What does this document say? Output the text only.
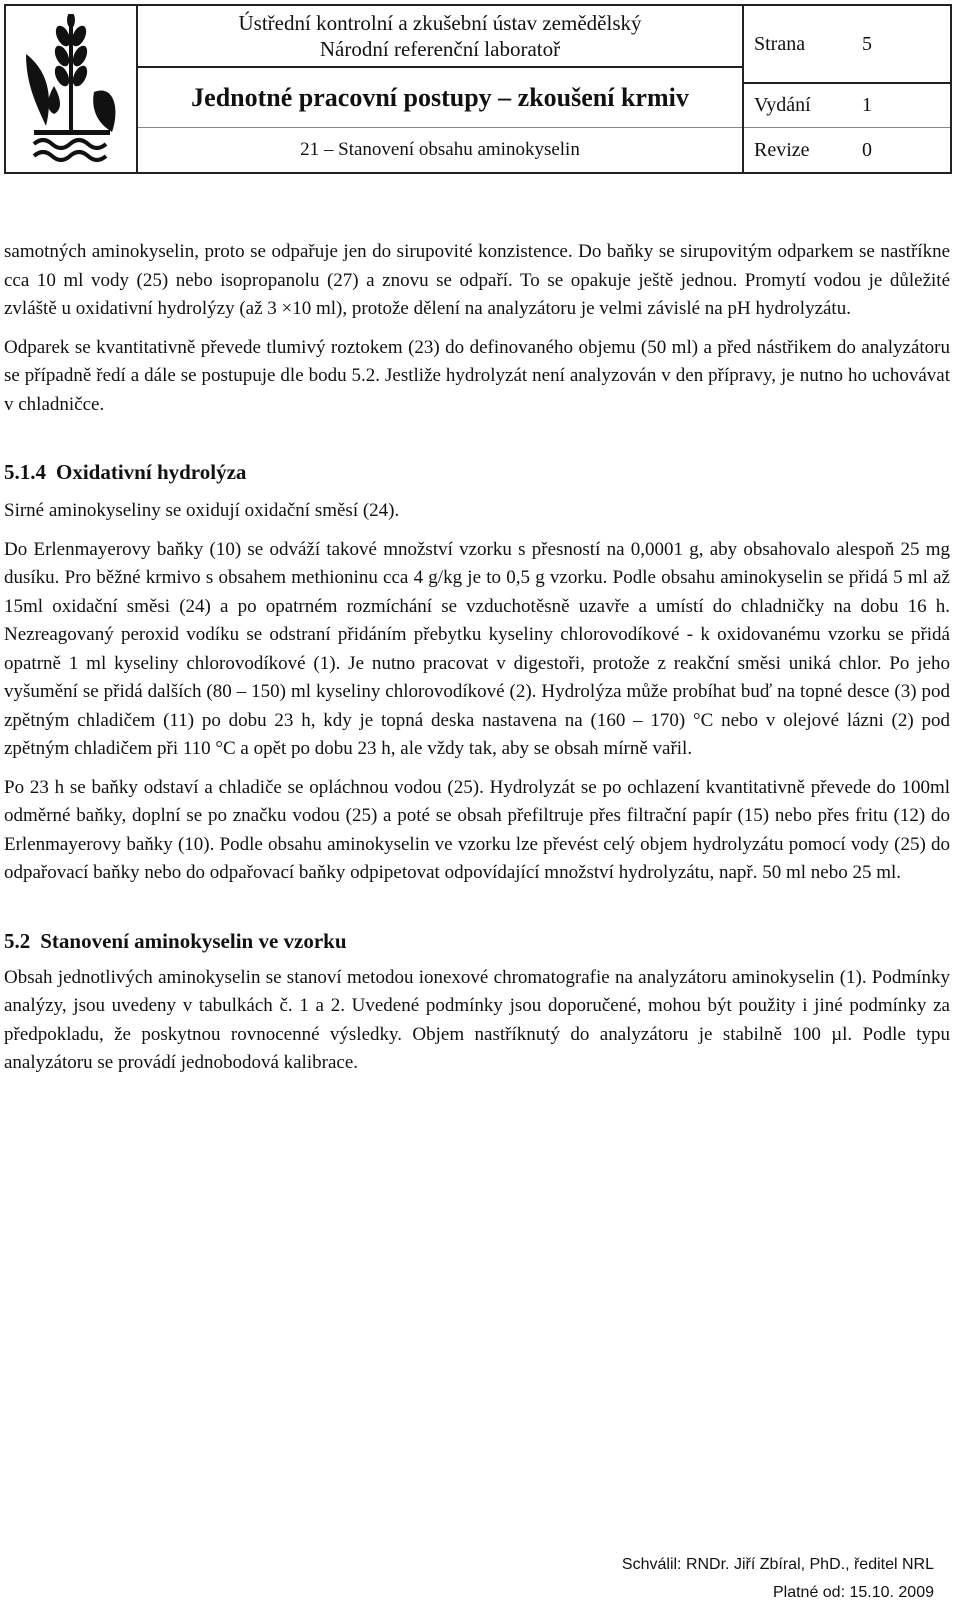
Ústřední kontrolní a zkušební ústav zemědělský
Národní referenční laboratoř
Jednotné pracovní postupy – zkoušení krmiv
21 – Stanovení obsahu aminokyselin
Strana	5
Vydání	1
Revize	0

samotných aminokyselin, proto se odpařuje jen do sirupovité konzistence. Do baňky se sirupovitým odparkem se nastříkne cca 10 ml vody (25) nebo isopropanolu (27) a znovu se odpaří. To se opakuje ještě jednou. Promytí vodou je důležité zvláště u oxidativní hydrolýzy (až 3 ×10 ml), protože dělení na analyzátoru je velmi závislé na pH hydrolyzátu.

Odparek se kvantitativně převede tlumivý roztokem (23) do definovaného objemu (50 ml) a před nástřikem do analyzátoru se případně ředí a dále se postupuje dle bodu 5.2. Jestliže hydrolyzát není analyzován v den přípravy, je nutno ho uchovávat v chladničce.

5.1.4 Oxidativní hydrolýza

Sirné aminokyseliny se oxidují oxidační směsí (24).

Do Erlenmayerovy baňky (10) se odváží takové množství vzorku s přesností na 0,0001 g, aby obsahovalo alespoň 25 mg dusíku. Pro běžné krmivo s obsahem methioninu cca 4 g/kg je to 0,5 g vzorku. Podle obsahu aminokyselin se přidá 5 ml až 15ml oxidační směsi (24) a po opatrném rozmíchání se vzduchotěsně uzavře a umístí do chladničky na dobu 16 h. Nezreagovaný peroxid vodíku se odstraní přidáním přebytku kyseliny chlorovodíkové - k oxidovanému vzorku se přidá opatrně 1 ml kyseliny chlorovodíkové (1). Je nutno pracovat v digestoři, protože z reakční směsi uniká chlor. Po jeho vyšumění se přidá dalších (80 – 150) ml kyseliny chlorovodíkové (2). Hydrolýza může probíhat buď na topné desce (3) pod zpětným chladičem (11) po dobu 23 h, kdy je topná deska nastavena na (160 – 170) °C nebo v olejové lázni (2) pod zpětným chladičem při 110 °C a opět po dobu 23 h, ale vždy tak, aby se obsah mírně vařil.

Po 23 h se baňky odstaví a chladiče se opláchnou vodou (25). Hydrolyzát se po ochlazení kvantitativně převede do 100ml odměrné baňky, doplní se po značku vodou (25) a poté se obsah přefiltruje přes filtrační papír (15) nebo přes fritu (12) do Erlenmayerovy baňky (10). Podle obsahu aminokyselin ve vzorku lze převést celý objem hydrolyzátu pomocí vody (25) do odpařovací baňky nebo do odpařovací baňky odpipetovat odpovídající množství hydrolyzátu, např. 50 ml nebo 25 ml.

5.2 Stanovení aminokyselin ve vzorku

Obsah jednotlivých aminokyselin se stanoví metodou ionexové chromatografie na analyzátoru aminokyselin (1). Podmínky analýzy, jsou uvedeny v tabulkách č. 1 a 2. Uvedené podmínky jsou doporučené, mohou být použity i jiné podmínky za předpokladu, že poskytnou rovnocenné výsledky. Objem nastříknutý do analyzátoru je stabilně 100 µl. Podle typu analyzátoru se provádí jednobodová kalibrace.

Schválil: RNDr. Jiří Zbíral, PhD., ředitel NRL
Platné od: 15.10. 2009
